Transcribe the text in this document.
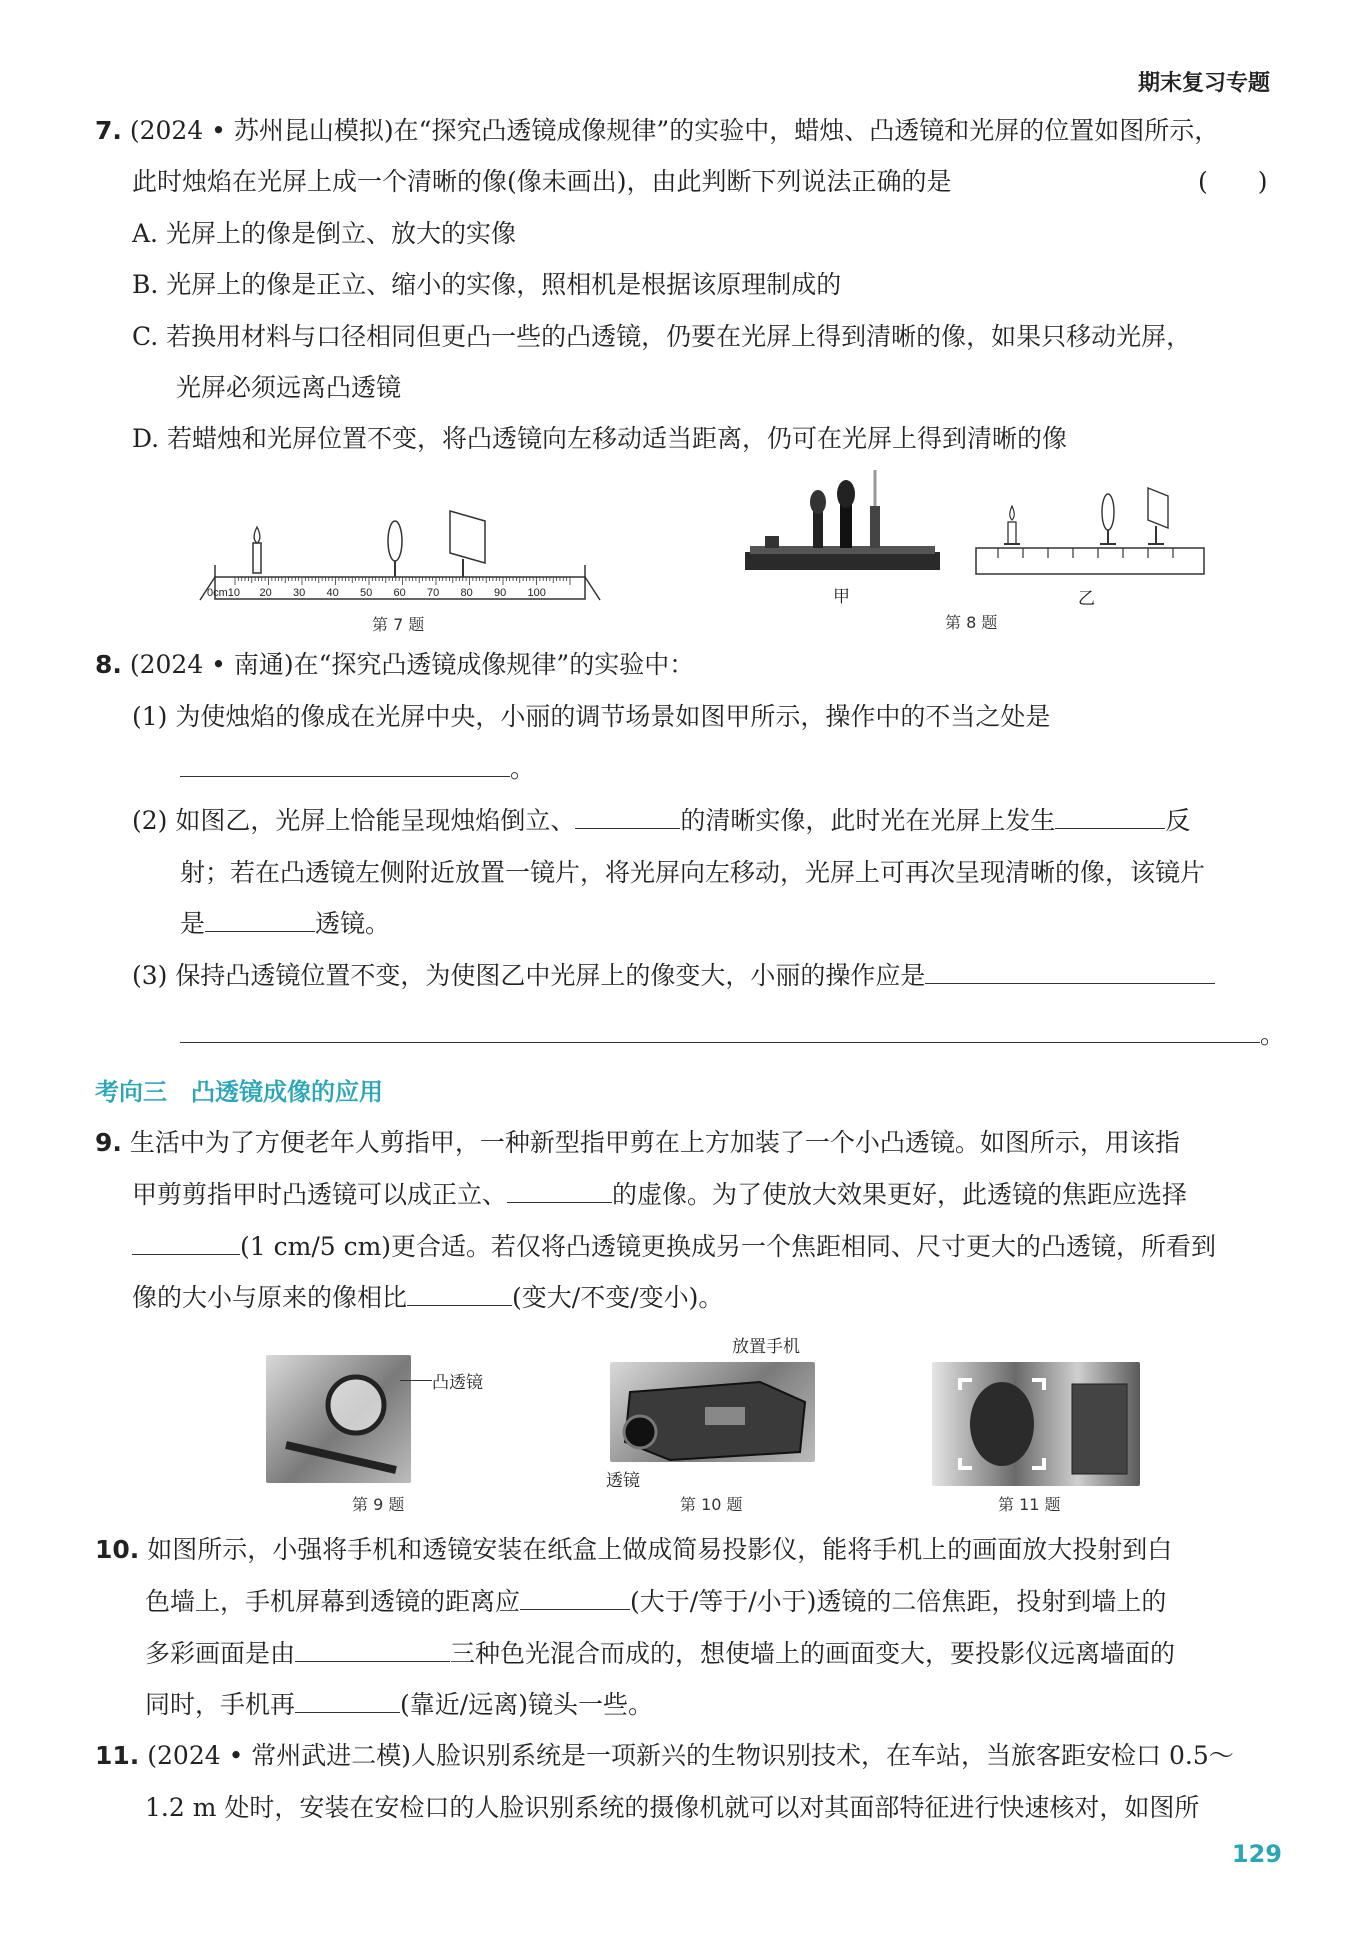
期末复习专题
129
7. (2024 • 苏州昆山模拟)在“探究凸透镜成像规律”的实验中，蜡烛、凸透镜和光屏的位置如图所示，
此时烛焰在光屏上成一个清晰的像(像未画出)，由此判断下列说法正确的是	(　　)
A. 光屏上的像是倒立、放大的实像
B. 光屏上的像是正立、缩小的实像，照相机是根据该原理制成的
C. 若换用材料与口径相同但更凸一些的凸透镜，仍要在光屏上得到清晰的像，如果只移动光屏，
光屏必须远离凸透镜
D. 若蜡烛和光屏位置不变，将凸透镜向左移动适当距离，仍可在光屏上得到清晰的像
0cm10 20 30 40 50 60 70 80 90 100
第 7 题
甲	乙
第 8 题
8. (2024 • 南通)在“探究凸透镜成像规律”的实验中：
(1) 为使烛焰的像成在光屏中央，小丽的调节场景如图甲所示，操作中的不当之处是
。
(2) 如图乙，光屏上恰能呈现烛焰倒立、	的清晰实像，此时光在光屏上发生	反
射；若在凸透镜左侧附近放置一镜片，将光屏向左移动，光屏上可再次呈现清晰的像，该镜片
是	透镜。
(3) 保持凸透镜位置不变，为使图乙中光屏上的像变大，小丽的操作应是
。
考向三　凸透镜成像的应用
9. 生活中为了方便老年人剪指甲，一种新型指甲剪在上方加装了一个小凸透镜。如图所示，用该指
甲剪剪指甲时凸透镜可以成正立、	的虚像。为了使放大效果更好，此透镜的焦距应选择
(1 cm/5 cm)更合适。若仅将凸透镜更换成另一个焦距相同、尺寸更大的凸透镜，所看到
像的大小与原来的像相比	(变大/不变/变小)。
凸透镜
第 9 题
放置手机
透镜
第 10 题	第 11 题
10. 如图所示，小强将手机和透镜安装在纸盒上做成简易投影仪，能将手机上的画面放大投射到白
色墙上，手机屏幕到透镜的距离应	(大于/等于/小于)透镜的二倍焦距，投射到墙上的
多彩画面是由	三种色光混合而成的，想使墙上的画面变大，要投影仪远离墙面的
同时，手机再	(靠近/远离)镜头一些。
11. (2024 • 常州武进二模)人脸识别系统是一项新兴的生物识别技术，在车站，当旅客距安检口 0.5～
1.2 m 处时，安装在安检口的人脸识别系统的摄像机就可以对其面部特征进行快速核对，如图所
